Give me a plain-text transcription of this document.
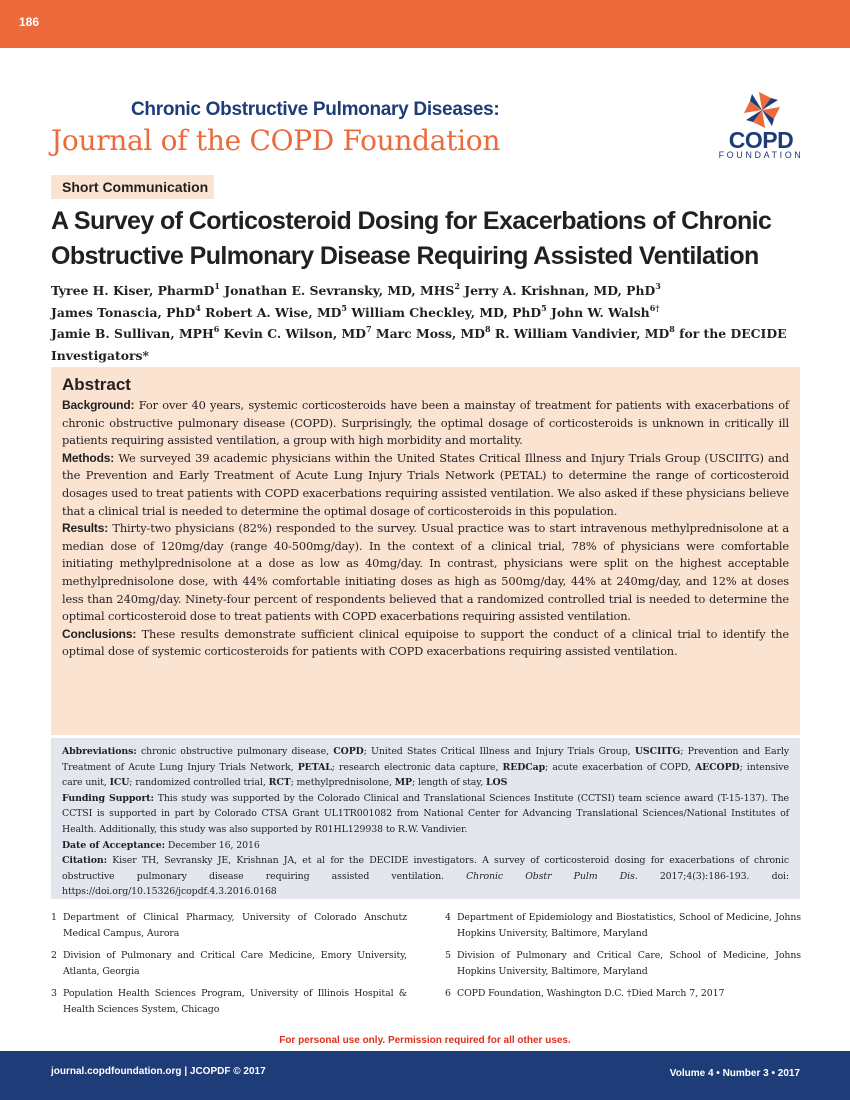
186
Chronic Obstructive Pulmonary Diseases:
Journal of the COPD Foundation	COPD
FOUNDATION
Short Communication
A Survey of Corticosteroid Dosing for Exacerbations of Chronic Obstructive Pulmonary Disease Requiring Assisted Ventilation
Tyree H. Kiser, PharmD$^1$ Jonathan E. Sevransky, MD, MHS$^2$ Jerry A. Krishnan, MD, PhD$^3$
James Tonascia, PhD$^4$ Robert A. Wise, $MD^5$ William Checkley, MD, PhD$^5$ John W. Walsh$^{6\dagger}$
Jamie B. Sullivan, MPH$^6$ Kevin C. Wilson, $MD^7$ Marc Moss, $MD^8$ R. William Vandivier, $MD^8$ for the DECIDE Investigators*
Abstract

Background: For over 40 years, systemic corticosteroids have been a mainstay of treatment for patients with exacerbations of chronic obstructive pulmonary disease (COPD). Surprisingly, the optimal dosage of corticosteroids is unknown in critically ill patients requiring assisted ventilation, a group with high morbidity and mortality.

Methods: We surveyed 39 academic physicians within the United States Critical Illness and Injury Trials Group (USCIITG) and the Prevention and Early Treatment of Acute Lung Injury Trials Network (PETAL) to determine the range of corticosteroid dosages used to treat patients with COPD exacerbations requiring assisted ventilation. We also asked if these physicians believe that a clinical trial is needed to determine the optimal dosage of corticosteroids in this population.

Results: Thirty-two physicians (82%) responded to the survey. Usual practice was to start intravenous methylprednisolone at a median dose of 120mg/day (range 40-500mg/day). In the context of a clinical trial, 78% of physicians were comfortable initiating methylprednisolone at a dose as low as 40mg/day. In contrast, physicians were split on the highest acceptable methylprednisolone dose, with 44% comfortable initiating doses as high as 500mg/day, 44% at 240mg/day, and 12% at doses less than 240mg/day. Ninety-four percent of respondents believed that a randomized controlled trial is needed to determine the optimal corticosteroid dose to treat patients with COPD exacerbations requiring assisted ventilation.

Conclusions: These results demonstrate sufficient clinical equipoise to support the conduct of a clinical trial to identify the optimal dose of systemic corticosteroids for patients with COPD exacerbations requiring assisted ventilation.

Abbreviations: chronic obstructive pulmonary disease, COPD; United States Critical Illness and Injury Trials Group, USCIITG; Prevention and Early Treatment of Acute Lung Injury Trials Network, PETAL; research electronic data capture, REDCap; acute exacerbation of COPD, AECOPD; intensive care unit, ICU; randomized controlled trial, RCT; methylprednisolone, MP; length of stay, LOS

Funding Support: This study was supported by the Colorado Clinical and Translational Sciences Institute (CCTSI) team science award (T-15-137). The CCTSI is supported in part by Colorado CTSA Grant UL1TR001082 from National Center for Advancing Translational Sciences/National Institutes of Health. Additionally, this study was also supported by R01HL129938 to R.W. Vandivier.

Date of Acceptance: December 16, 2016

Citation: Kiser TH, Sevransky JE, Krishnan JA, et al for the DECIDE investigators. A survey of corticosteroid dosing for exacerbations of chronic obstructive pulmonary disease requiring assisted ventilation. Chronic Obstr Pulm Dis. 2017;4(3):186-193. doi: https://doi.org/10.15326/jcopdf.4.3.2016.0168

1 Department of Clinical Pharmacy, University of Colorado Anschutz Medical Campus, Aurora
2 Division of Pulmonary and Critical Care Medicine, Emory University, Atlanta, Georgia
3 Population Health Sciences Program, University of Illinois Hospital & Health Sciences System, Chicago
4 Department of Epidemiology and Biostatistics, School of Medicine, Johns Hopkins University, Baltimore, Maryland
5 Division of Pulmonary and Critical Care, School of Medicine, Johns Hopkins University, Baltimore, Maryland
6 COPD Foundation, Washington D.C. †Died March 7, 2017
For personal use only. Permission required for all other uses.
journal.copdfoundation.org | JCOPDF © 2017	Volume 4 • Number 3 • 2017
